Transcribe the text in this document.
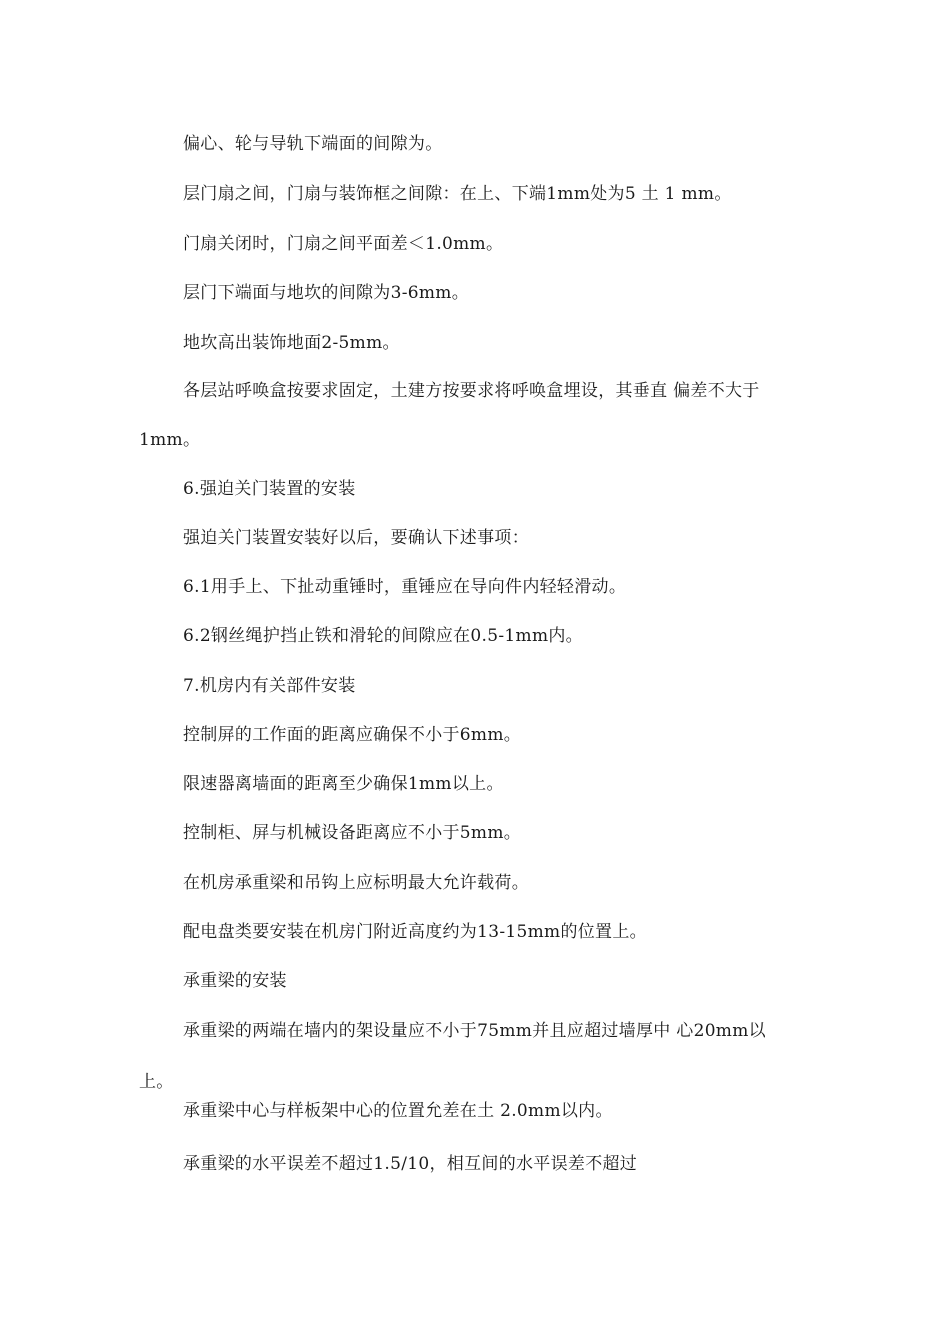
偏心、轮与导轨下端面的间隙为。
层门扇之间，门扇与装饰框之间隙：在上、下端1mm处为5 土 1 mm。
门扇关闭时，门扇之间平面差＜1.0mm。
层门下端面与地坎的间隙为3-6mm。
地坎高出装饰地面2-5mm。
各层站呼唤盒按要求固定，土建方按要求将呼唤盒埋设，其垂直 偏差不大于
1mm。
6.强迫关门装置的安装
强迫关门装置安装好以后，要确认下述事项：
6.1用手上、下扯动重锤时，重锤应在导向件内轻轻滑动。
6.2钢丝绳护挡止铁和滑轮的间隙应在0.5-1mm内。
7.机房内有关部件安装
控制屏的工作面的距离应确保不小于6mm。
限速器离墙面的距离至少确保1mm以上。
控制柜、屏与机械设备距离应不小于5mm。
在机房承重梁和吊钩上应标明最大允许载荷。
配电盘类要安装在机房门附近高度约为13-15mm的位置上。
承重梁的安装
承重梁的两端在墙内的架设量应不小于75mm并且应超过墙厚中 心20mm以
上。
承重梁中心与样板架中心的位置允差在土 2.0mm以内。
承重梁的水平误差不超过1.5/10，相互间的水平误差不超过
